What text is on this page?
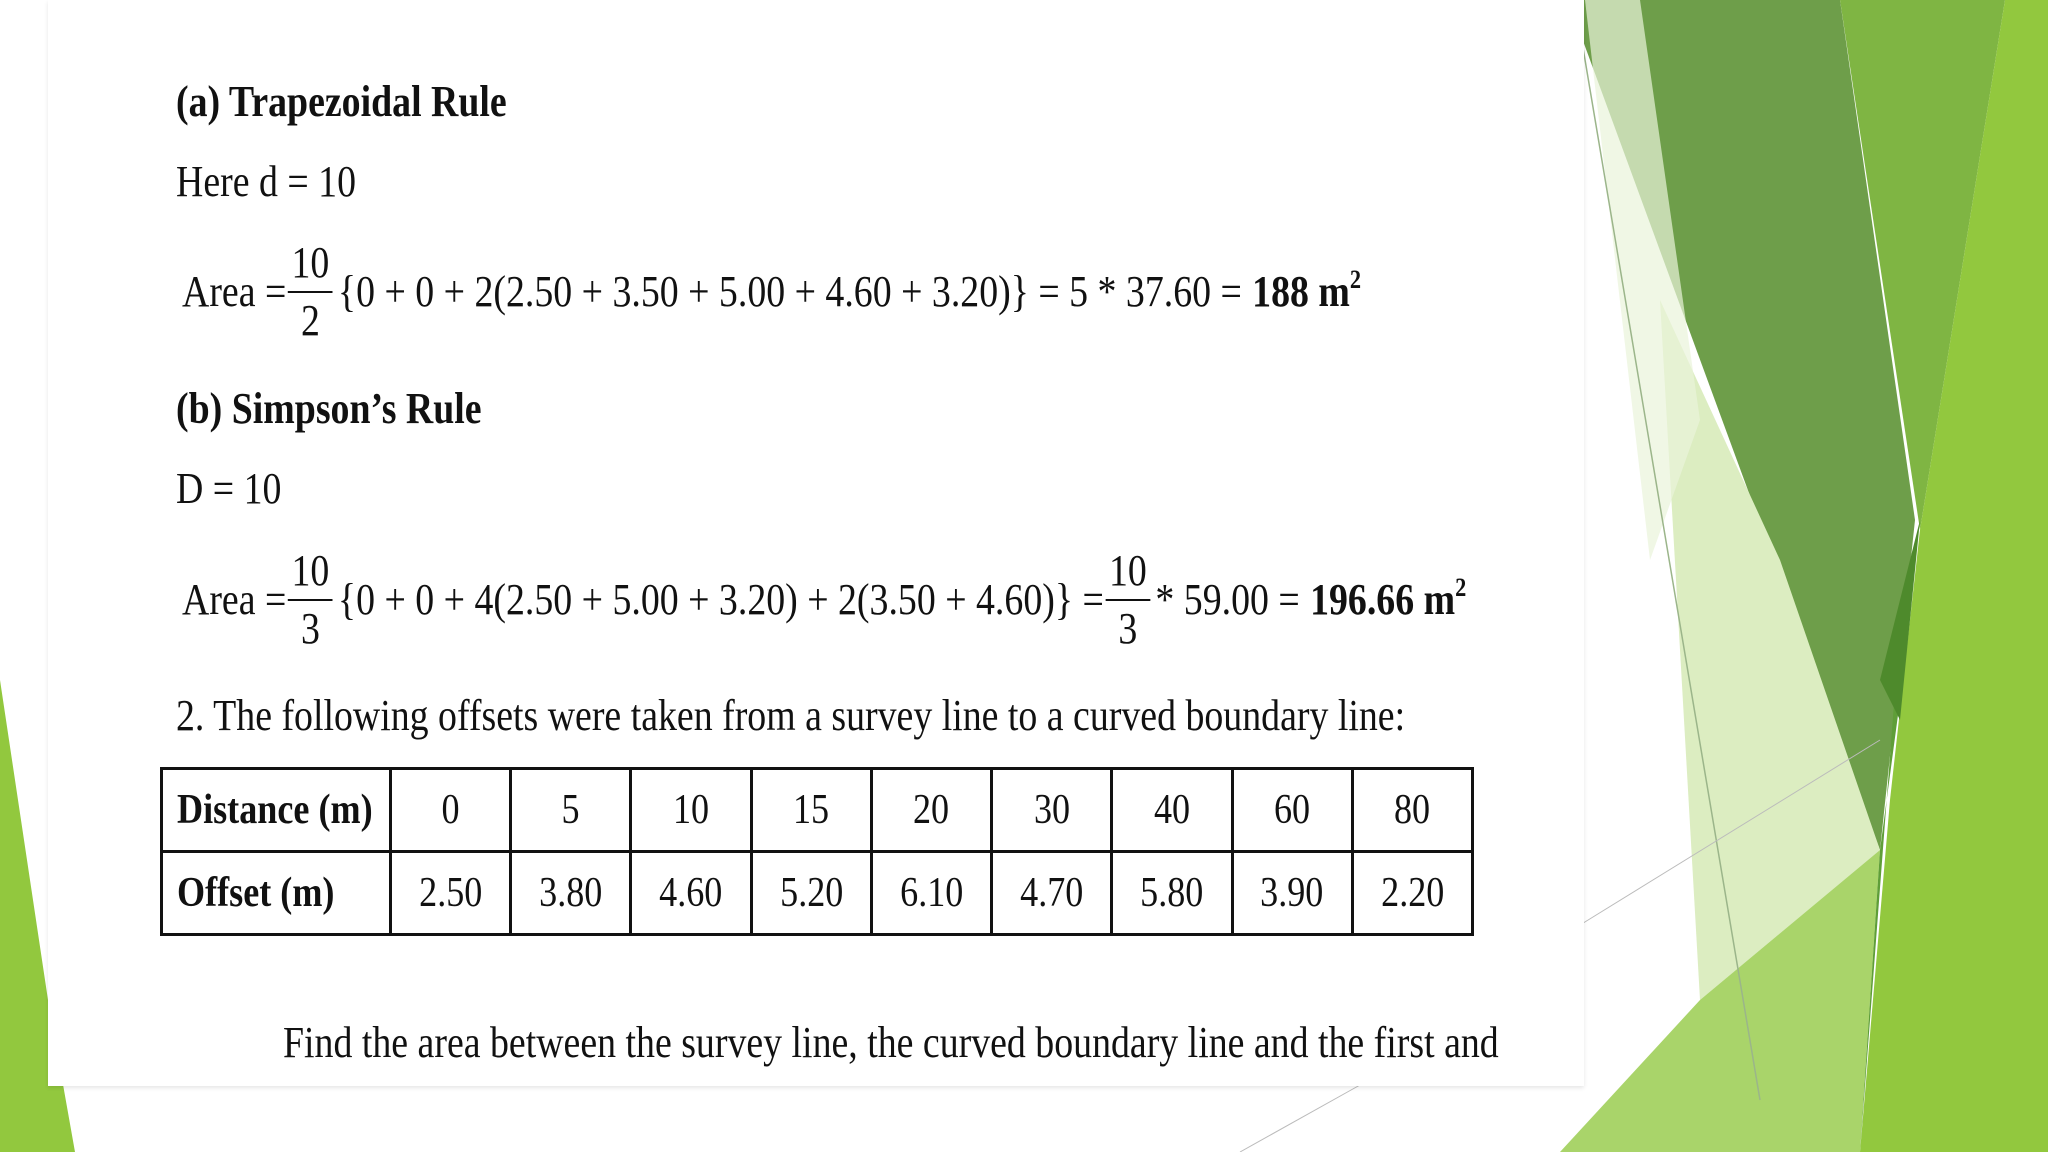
(a) Trapezoidal Rule
Here d = 10
Area = $\frac{10}{2} \{0 + 0 + 2(2.50 + 3.50 + 5.00 + 4.60 + 3.20)\} = 5 * 37.60 = 188$ $m^2$
(b) Simpson’s Rule
D = 10
Area = $\frac{10}{3} \{0 + 0 + 4(2.50 + 5.00 + 3.20) + 2(3.50 + 4.60)\} = \frac{10}{3} * 59.00 = 196.66$ $m^2$
2. The following offsets were taken from a survey line to a curved boundary line:
Distance (m)	0	5	10	15	20	30	40	60	80
Offset (m)	2.50	3.80	4.60	5.20	6.10	4.70	5.80	3.90	2.20
Find the area between the survey line, the curved boundary line and the first and
